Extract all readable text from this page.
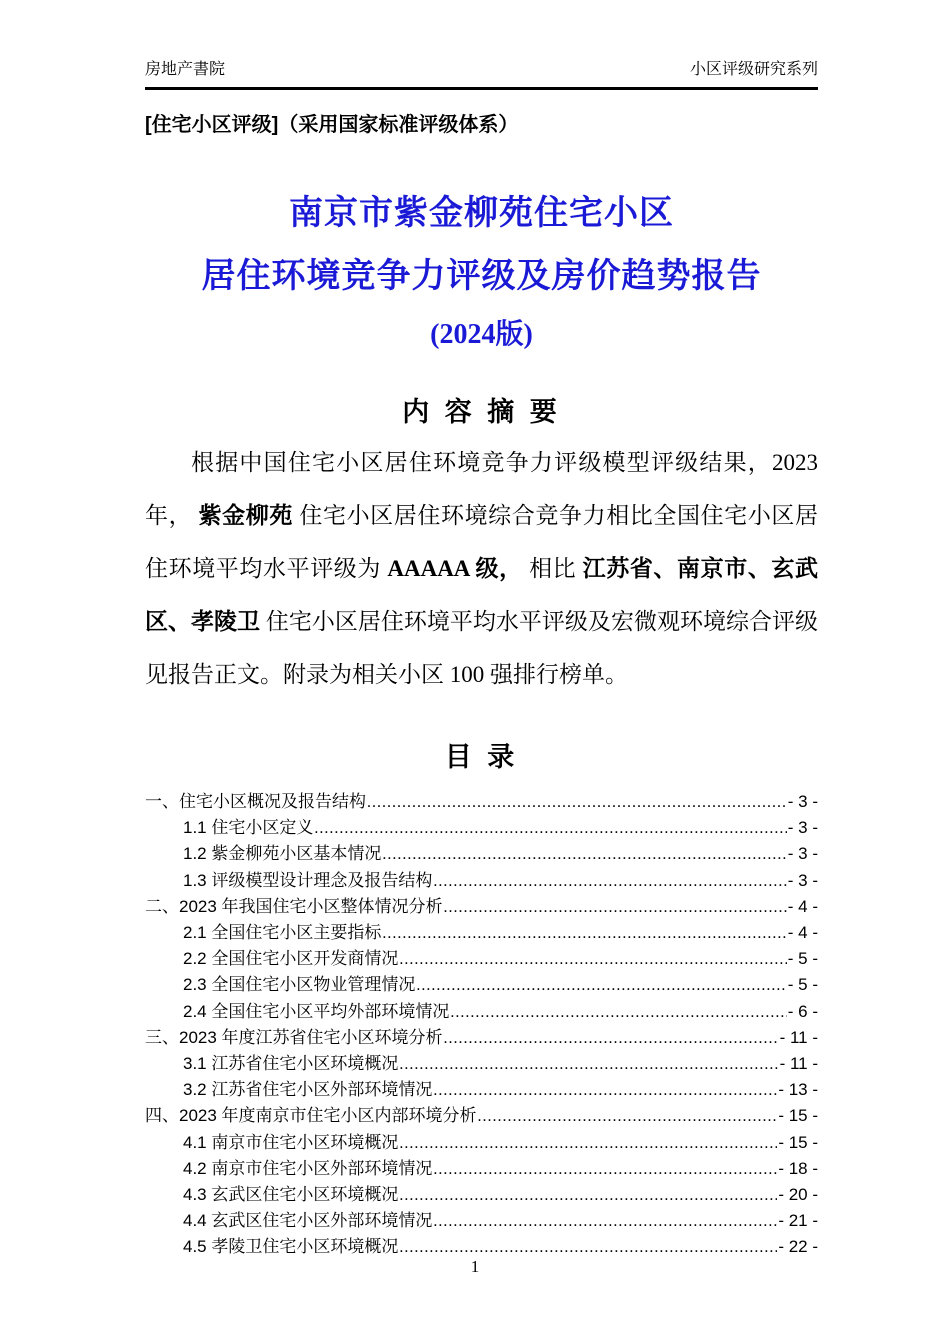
房地产書院	小区评级研究系列
[住宅小区评级]（采用国家标准评级体系）
南京市紫金柳苑住宅小区
居住环境竞争力评级及房价趋势报告
(2024版)
内 容 摘 要

根据中国住宅小区居住环境竞争力评级模型评级结果，2023 年， 紫金柳苑 住宅小区居住环境综合竞争力相比全国住宅小区居住环境平均水平评级为 AAAAA 级， 相比 江苏省、南京市、玄武区、孝陵卫 住宅小区居住环境平均水平评级及宏微观环境综合评级见报告正文。附录为相关小区 100 强排行榜单。

目 录
一、住宅小区概况及报告结构 .....	- 3 -
1.1 住宅小区定义 .....	- 3 -
1.2 紫金柳苑小区基本情况 .....	- 3 -
1.3 评级模型设计理念及报告结构 .....	- 3 -
二、2023 年我国住宅小区整体情况分析 .....	- 4 -
2.1 全国住宅小区主要指标 .....	- 4 -
2.2 全国住宅小区开发商情况 .....	- 5 -
2.3 全国住宅小区物业管理情况 .....	- 5 -
2.4 全国住宅小区平均外部环境情况 .....	- 6 -
三、2023 年度江苏省住宅小区环境分析 .....	- 11 -
3.1 江苏省住宅小区环境概况 .....	- 11 -
3.2 江苏省住宅小区外部环境情况 .....	- 13 -
四、2023 年度南京市住宅小区内部环境分析 .....	- 15 -
4.1 南京市住宅小区环境概况 .....	- 15 -
4.2 南京市住宅小区外部环境情况 .....	- 18 -
4.3 玄武区住宅小区环境概况 .....	- 20 -
4.4 玄武区住宅小区外部环境情况 .....	- 21 -
4.5 孝陵卫住宅小区环境概况 .....	- 22 -
1
